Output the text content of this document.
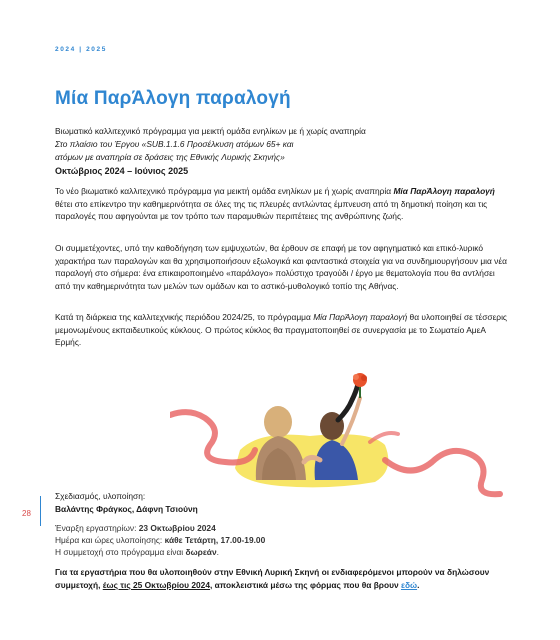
2024 | 2025
Μία ΠαρΆλογη παραλογή

Βιωματικό καλλιτεχνικό πρόγραμμα για μεικτή ομάδα ενηλίκων με ή χωρίς αναπηρία

Στο πλαίσιο του Έργου «SUB.1.1.6 Προσέλκυση ατόμων 65+ και
ατόμων με αναπηρία σε δράσεις της Εθνικής Λυρικής Σκηνής»

Οκτώβριος 2024 – Ιούνιος 2025

Το νέο βιωματικό καλλιτεχνικό πρόγραμμα για μεικτή ομάδα ενηλίκων με ή χωρίς αναπηρία Μία ΠαρΆλογη παραλογή θέτει στο επίκεντρο την καθημερινότητα σε όλες της τις πλευρές αντλώντας έμπνευση από τη δημοτική ποίηση και τις παραλογές που αφηγούνται με τον τρόπο των παραμυθιών περιπέτειες της ανθρώπινης ζωής.

Οι συμμετέχοντες, υπό την καθοδήγηση των εμψυχωτών, θα έρθουν σε επαφή με τον αφηγηματικό και επικό-λυρικό χαρακτήρα των παραλογών και θα χρησιμοποιήσουν εξωλογικά και φανταστικά στοιχεία για να συνδημιουργήσουν μια νέα παραλογή στο σήμερα: ένα επικαιροποιημένο «παράλογο» πολύστιχο τραγούδι / έργο με θεματολογία που θα αντλήσει από την καθημερινότητα των μελών των ομάδων και το αστικό-μυθολογικό τοπίο της Αθήνας.

Κατά τη διάρκεια της καλλιτεχνικής περιόδου 2024/25, το πρόγραμμα Μία ΠαρΆλογη παραλογή θα υλοποιηθεί σε τέσσερις μεμονωμένους εκπαιδευτικούς κύκλους. Ο πρώτος κύκλος θα πραγματοποιηθεί σε συνεργασία με το Σωματείο ΑμεΑ Ερμής.

28

Σχεδιασμός, υλοποίηση:

Βαλάντης Φράγκος, Δάφνη Τσιούνη

Έναρξη εργαστηρίων: 23 Οκτωβρίου 2024

Ημέρα και ώρες υλοποίησης: κάθε Τετάρτη, 17.00-19.00

Η συμμετοχή στο πρόγραμμα είναι δωρεάν.

Για τα εργαστήρια που θα υλοποιηθούν στην Εθνική Λυρική Σκηνή οι ενδιαφερόμενοι μπορούν να δηλώσουν συμμετοχή, έως τις 25 Οκτωβρίου 2024, αποκλειστικά μέσω της φόρμας που θα βρουν εδώ.
